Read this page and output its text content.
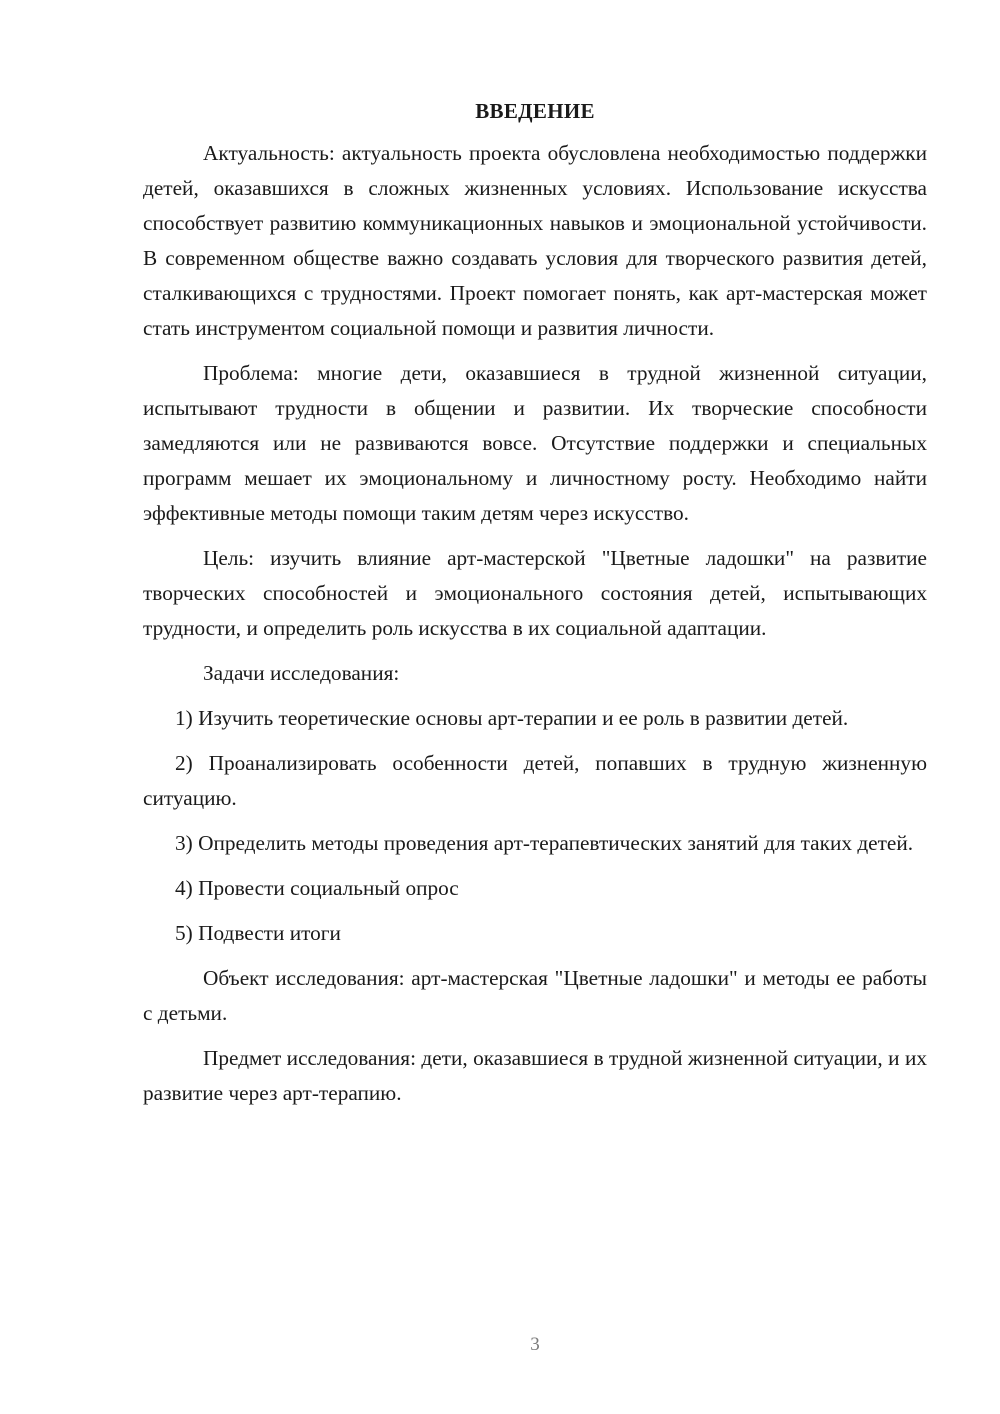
ВВЕДЕНИЕ

Актуальность: актуальность проекта обусловлена необходимостью поддержки детей, оказавшихся в сложных жизненных условиях. Использование искусства способствует развитию коммуникационных навыков и эмоциональной устойчивости. В современном обществе важно создавать условия для творческого развития детей, сталкивающихся с трудностями. Проект помогает понять, как арт-мастерская может стать инструментом социальной помощи и развития личности.

Проблема: многие дети, оказавшиеся в трудной жизненной ситуации, испытывают трудности в общении и развитии. Их творческие способности замедляются или не развиваются вовсе. Отсутствие поддержки и специальных программ мешает их эмоциональному и личностному росту. Необходимо найти эффективные методы помощи таким детям через искусство.

Цель: изучить влияние арт-мастерской "Цветные ладошки" на развитие творческих способностей и эмоционального состояния детей, испытывающих трудности, и определить роль искусства в их социальной адаптации.

Задачи исследования:

1) Изучить теоретические основы арт-терапии и ее роль в развитии детей.

2) Проанализировать особенности детей, попавших в трудную жизненную ситуацию.

3) Определить методы проведения арт-терапевтических занятий для таких детей.

4) Провести социальный опрос

5) Подвести итоги

Объект исследования: арт-мастерская "Цветные ладошки" и методы ее работы с детьми.

Предмет исследования: дети, оказавшиеся в трудной жизненной ситуации, и их развитие через арт-терапию.

3
